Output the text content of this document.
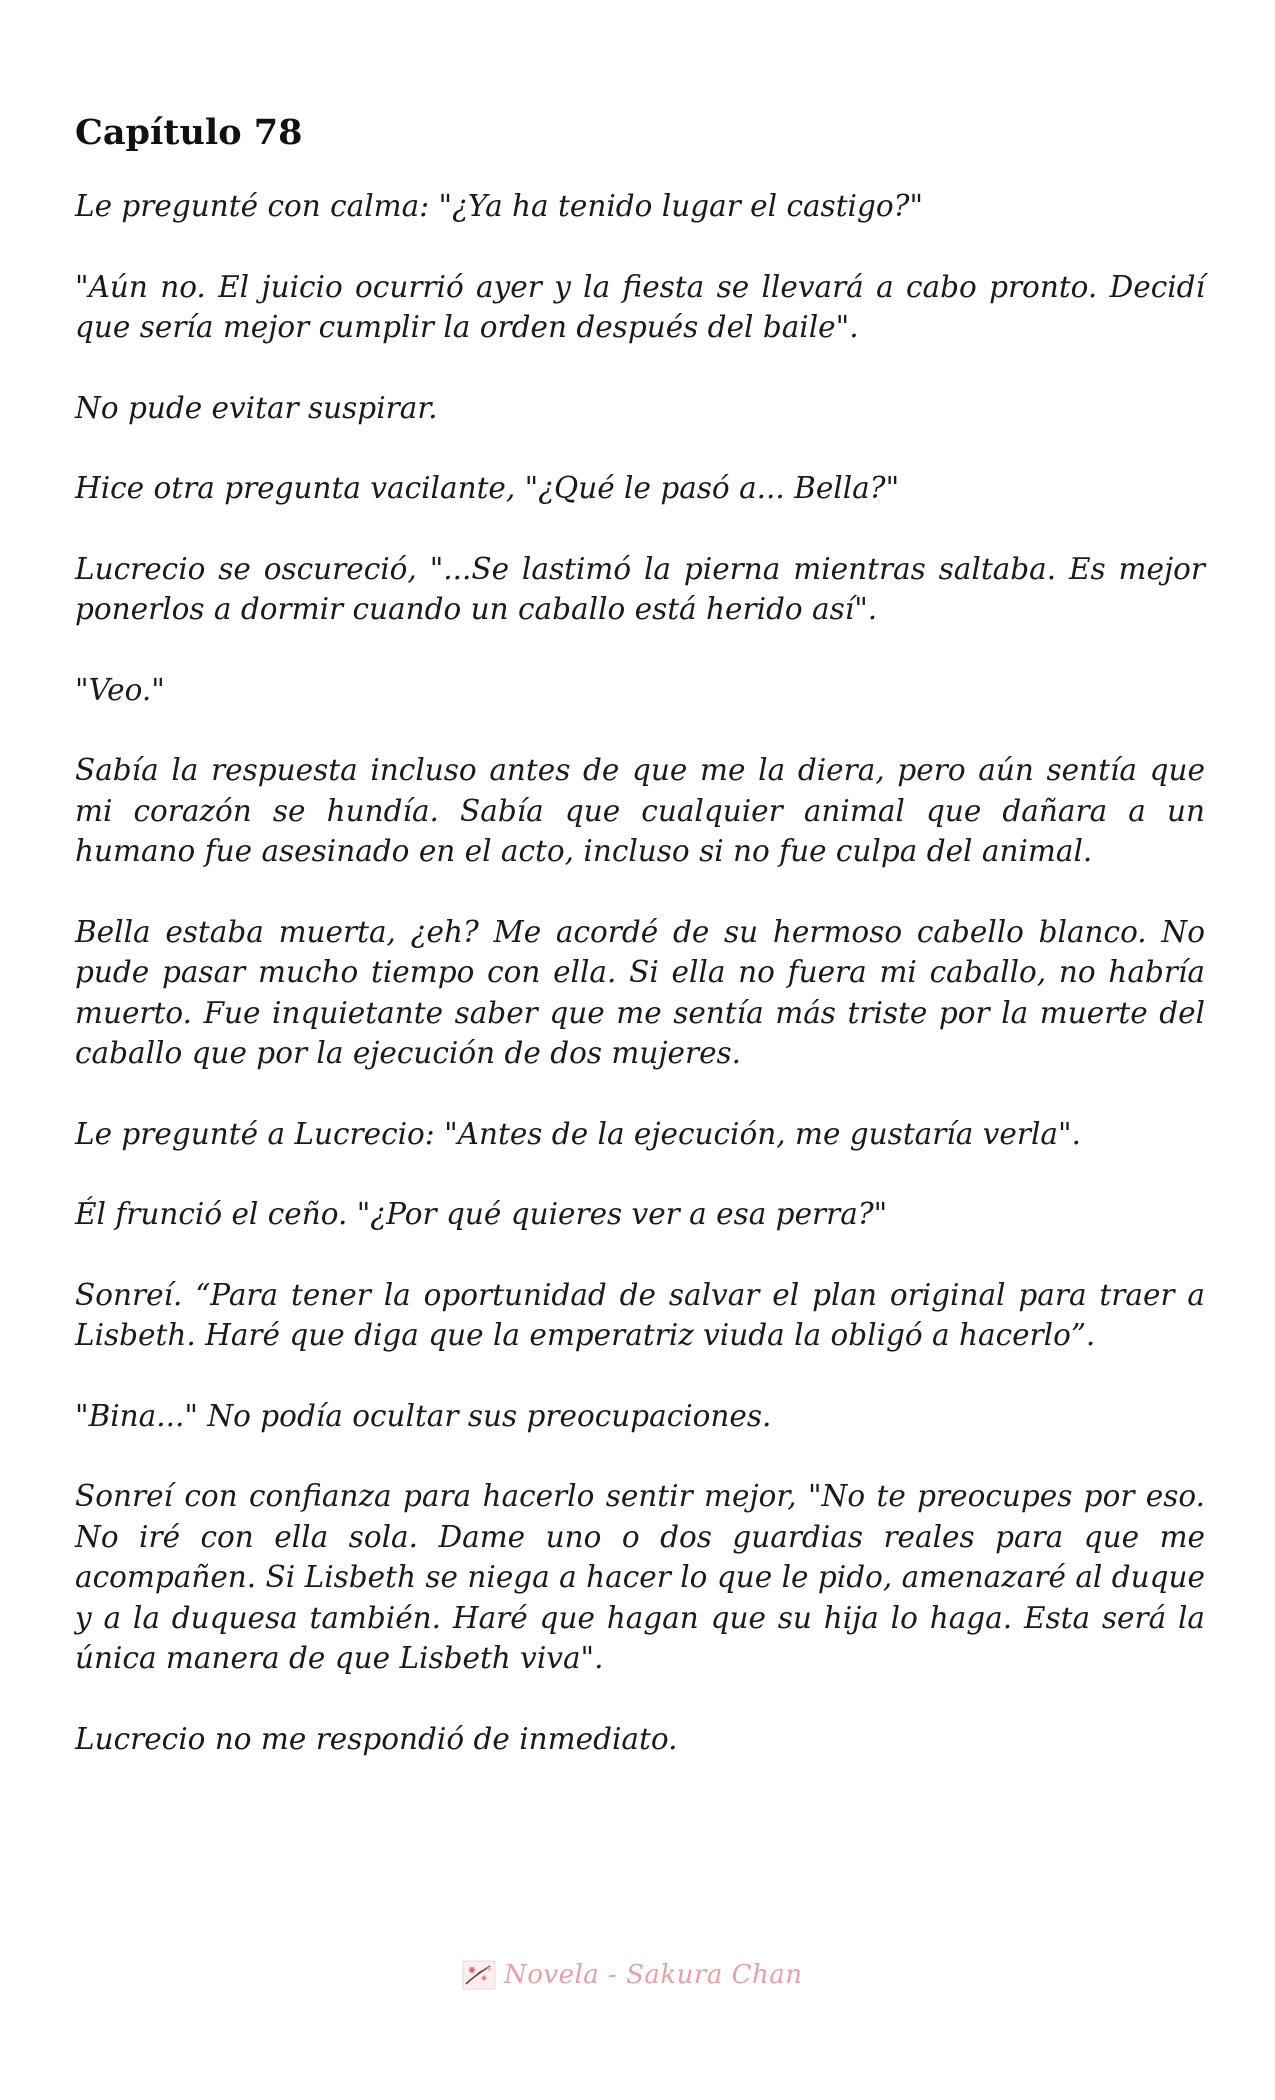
Capítulo 78

Le pregunté con calma: "¿Ya ha tenido lugar el castigo?"

"Aún no. El juicio ocurrió ayer y la fiesta se llevará a cabo pronto. Decidí que sería mejor cumplir la orden después del baile".

No pude evitar suspirar.

Hice otra pregunta vacilante, "¿Qué le pasó a... Bella?"

Lucrecio se oscureció, "...Se lastimó la pierna mientras saltaba. Es mejor ponerlos a dormir cuando un caballo está herido así".

"Veo."

Sabía la respuesta incluso antes de que me la diera, pero aún sentía que mi corazón se hundía. Sabía que cualquier animal que dañara a un humano fue asesinado en el acto, incluso si no fue culpa del animal.

Bella estaba muerta, ¿eh? Me acordé de su hermoso cabello blanco. No pude pasar mucho tiempo con ella. Si ella no fuera mi caballo, no habría muerto. Fue inquietante saber que me sentía más triste por la muerte del caballo que por la ejecución de dos mujeres.

Le pregunté a Lucrecio: "Antes de la ejecución, me gustaría verla".

Él frunció el ceño. "¿Por qué quieres ver a esa perra?"

Sonreí. “Para tener la oportunidad de salvar el plan original para traer a Lisbeth. Haré que diga que la emperatriz viuda la obligó a hacerlo”.

"Bina..." No podía ocultar sus preocupaciones.

Sonreí con confianza para hacerlo sentir mejor, "No te preocupes por eso. No iré con ella sola. Dame uno o dos guardias reales para que me acompañen. Si Lisbeth se niega a hacer lo que le pido, amenazaré al duque y a la duquesa también. Haré que hagan que su hija lo haga. Esta será la única manera de que Lisbeth viva".

Lucrecio no me respondió de inmediato.

Novela - Sakura Chan
